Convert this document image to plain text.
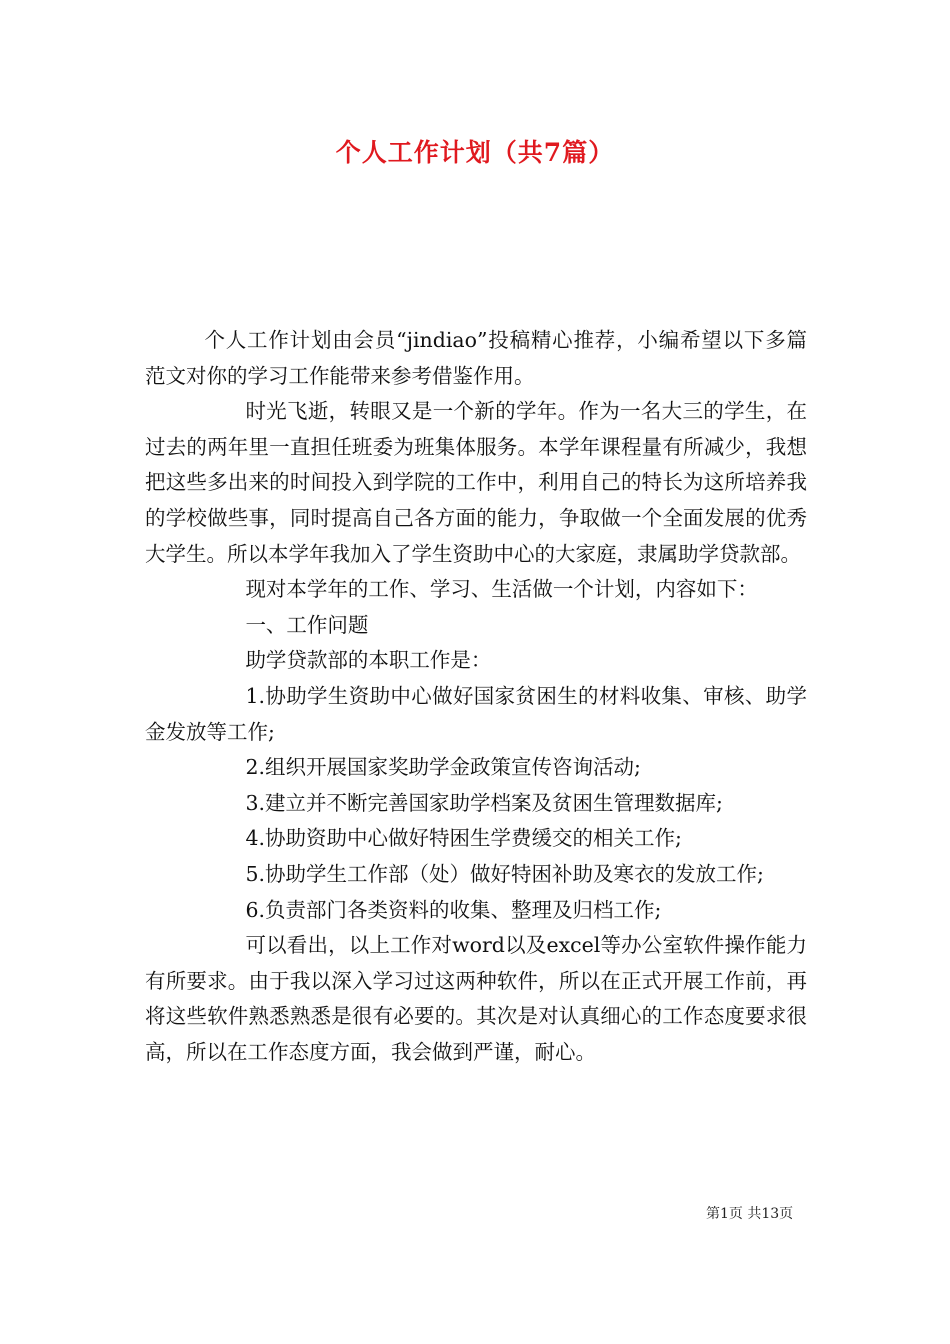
个人工作计划（共7篇）

个人工作计划由会员“jindiao”投稿精心推荐，小编希望以下多篇范文对你的学习工作能带来参考借鉴作用。

时光飞逝，转眼又是一个新的学年。作为一名大三的学生，在过去的两年里一直担任班委为班集体服务。本学年课程量有所减少，我想把这些多出来的时间投入到学院的工作中，利用自己的特长为这所培养我的学校做些事，同时提高自己各方面的能力，争取做一个全面发展的优秀大学生。所以本学年我加入了学生资助中心的大家庭，隶属助学贷款部。

现对本学年的工作、学习、生活做一个计划，内容如下：

一、工作问题

助学贷款部的本职工作是：

1.协助学生资助中心做好国家贫困生的材料收集、审核、助学金发放等工作;

2.组织开展国家奖助学金政策宣传咨询活动;

3.建立并不断完善国家助学档案及贫困生管理数据库;

4.协助资助中心做好特困生学费缓交的相关工作;

5.协助学生工作部（处）做好特困补助及寒衣的发放工作;

6.负责部门各类资料的收集、整理及归档工作;

可以看出，以上工作对word以及excel等办公室软件操作能力有所要求。由于我以深入学习过这两种软件，所以在正式开展工作前，再将这些软件熟悉熟悉是很有必要的。其次是对认真细心的工作态度要求很高，所以在工作态度方面，我会做到严谨，耐心。

第1页 共13页
